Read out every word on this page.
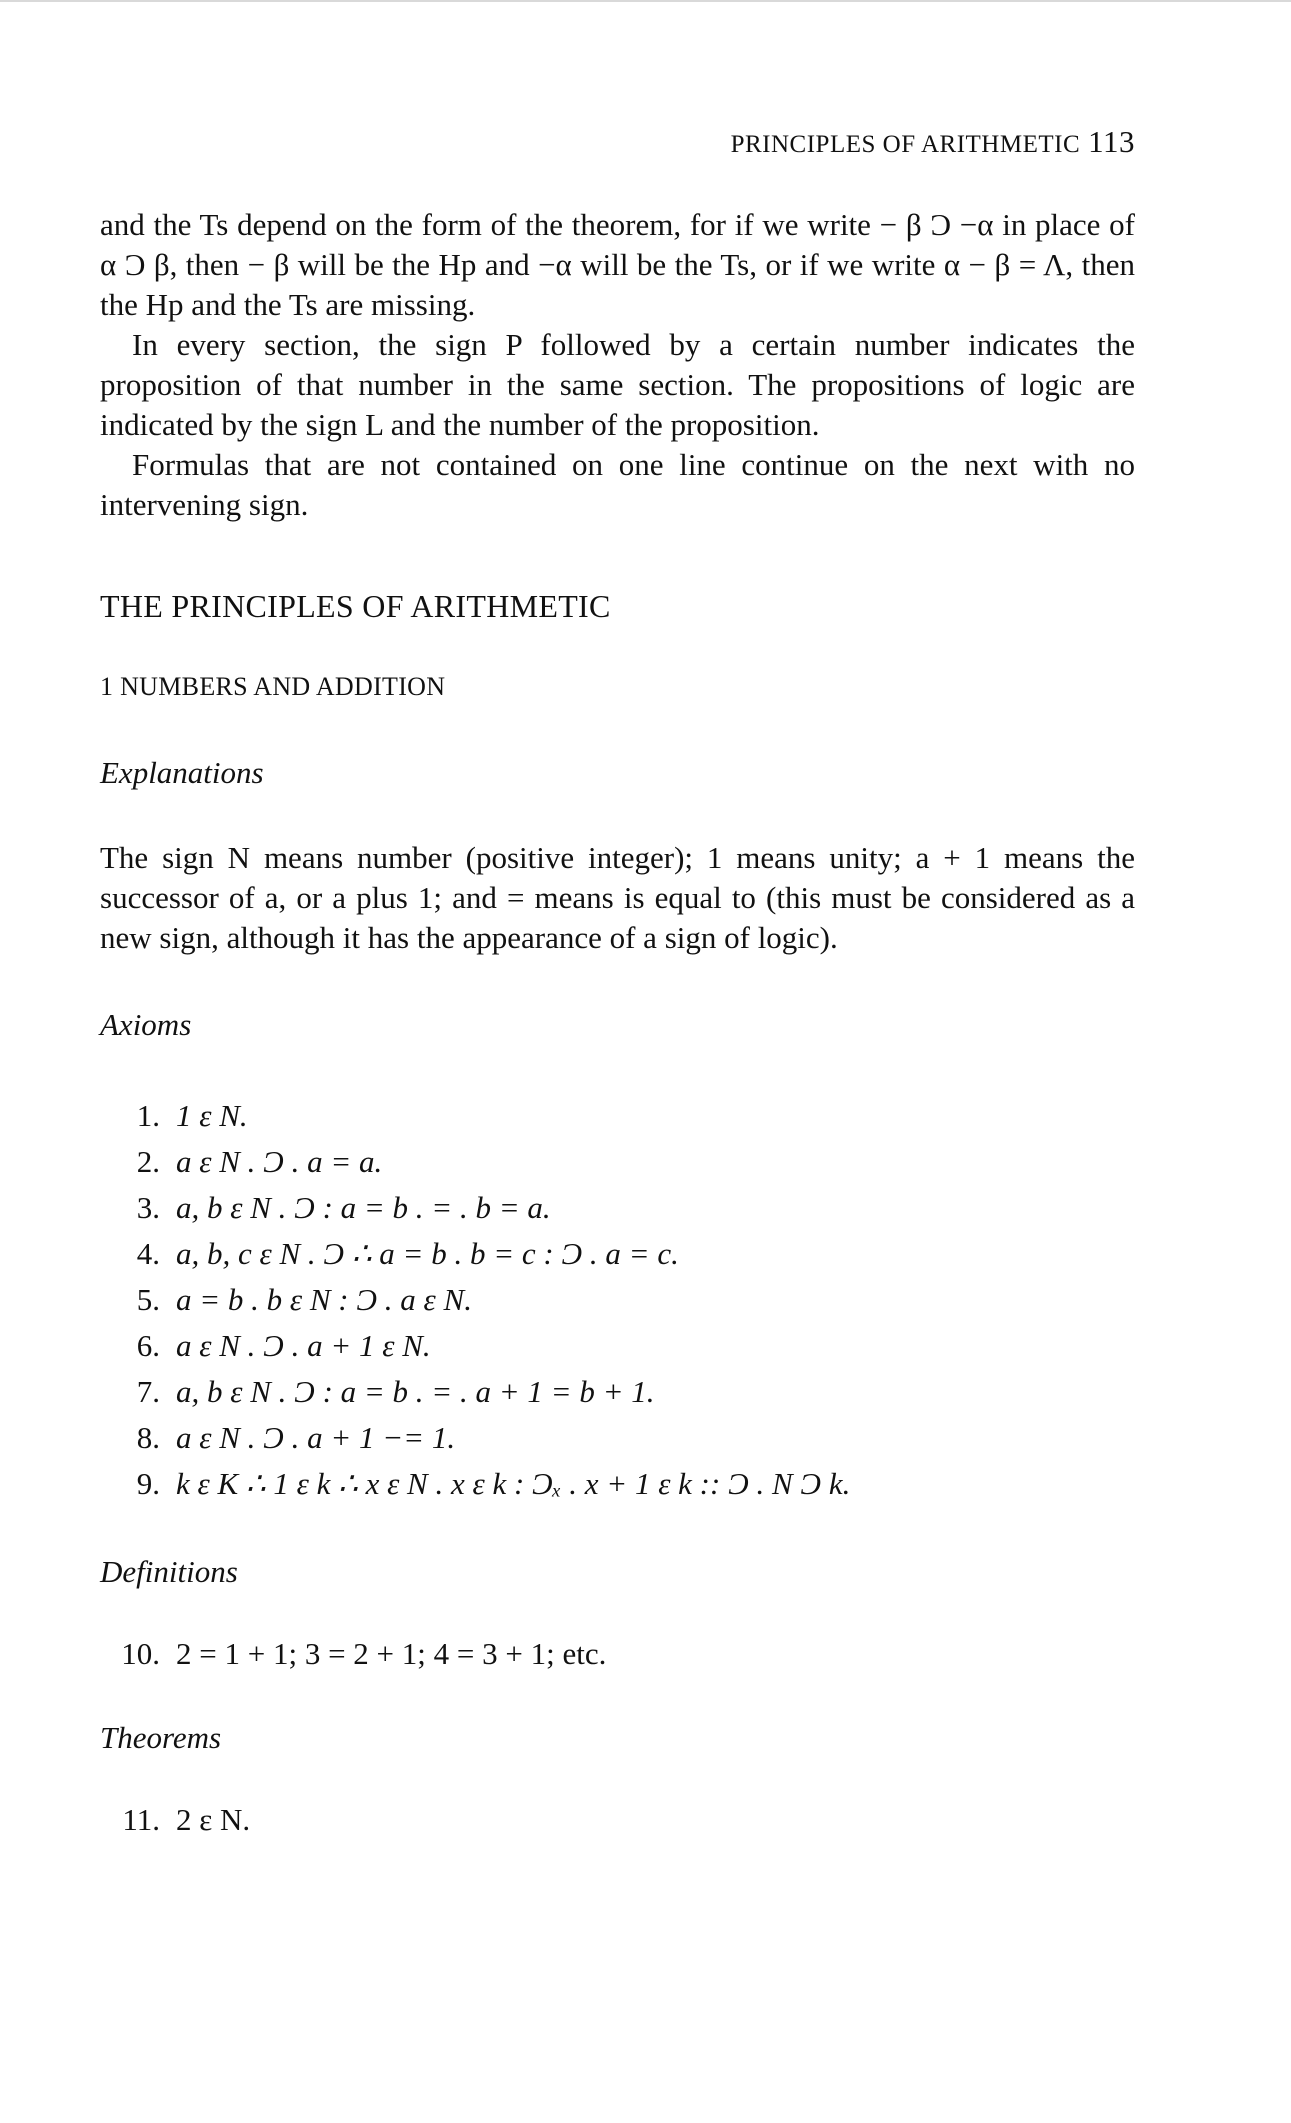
PRINCIPLES OF ARITHMETIC 113

and the Ts depend on the form of the theorem, for if we write − β Ɔ −α in place of α Ɔ β, then − β will be the Hp and −α will be the Ts, or if we write α − β = Λ, then the Hp and the Ts are missing.

In every section, the sign P followed by a certain number indicates the proposition of that number in the same section. The propositions of logic are indicated by the sign L and the number of the proposition.

Formulas that are not contained on one line continue on the next with no intervening sign.

THE PRINCIPLES OF ARITHMETIC
1 NUMBERS AND ADDITION
Explanations
The sign N means number (positive integer); 1 means unity; a + 1 means the successor of a, or a plus 1; and = means is equal to (this must be considered as a new sign, although it has the appearance of a sign of logic).
Axioms
1. 1 ε N.
2. a ε N . Ɔ . a = a.
3. a, b ε N . Ɔ : a = b . = . b = a.
4. a, b, c ε N . Ɔ ∴ a = b . b = c : Ɔ . a = c.
5. a = b . b ε N : Ɔ . a ε N.
6. a ε N . Ɔ . a + 1 ε N.
7. a, b ε N . Ɔ : a = b . = . a + 1 = b + 1.
8. a ε N . Ɔ . a + 1 −= 1.
9. k ε K ∴ 1 ε k ∴ x ε N . x ε k : Ɔₓ . x + 1 ε k :: Ɔ . N Ɔ k.
Definitions
10. 2 = 1 + 1; 3 = 2 + 1; 4 = 3 + 1; etc.
Theorems
11. 2 ε N.
